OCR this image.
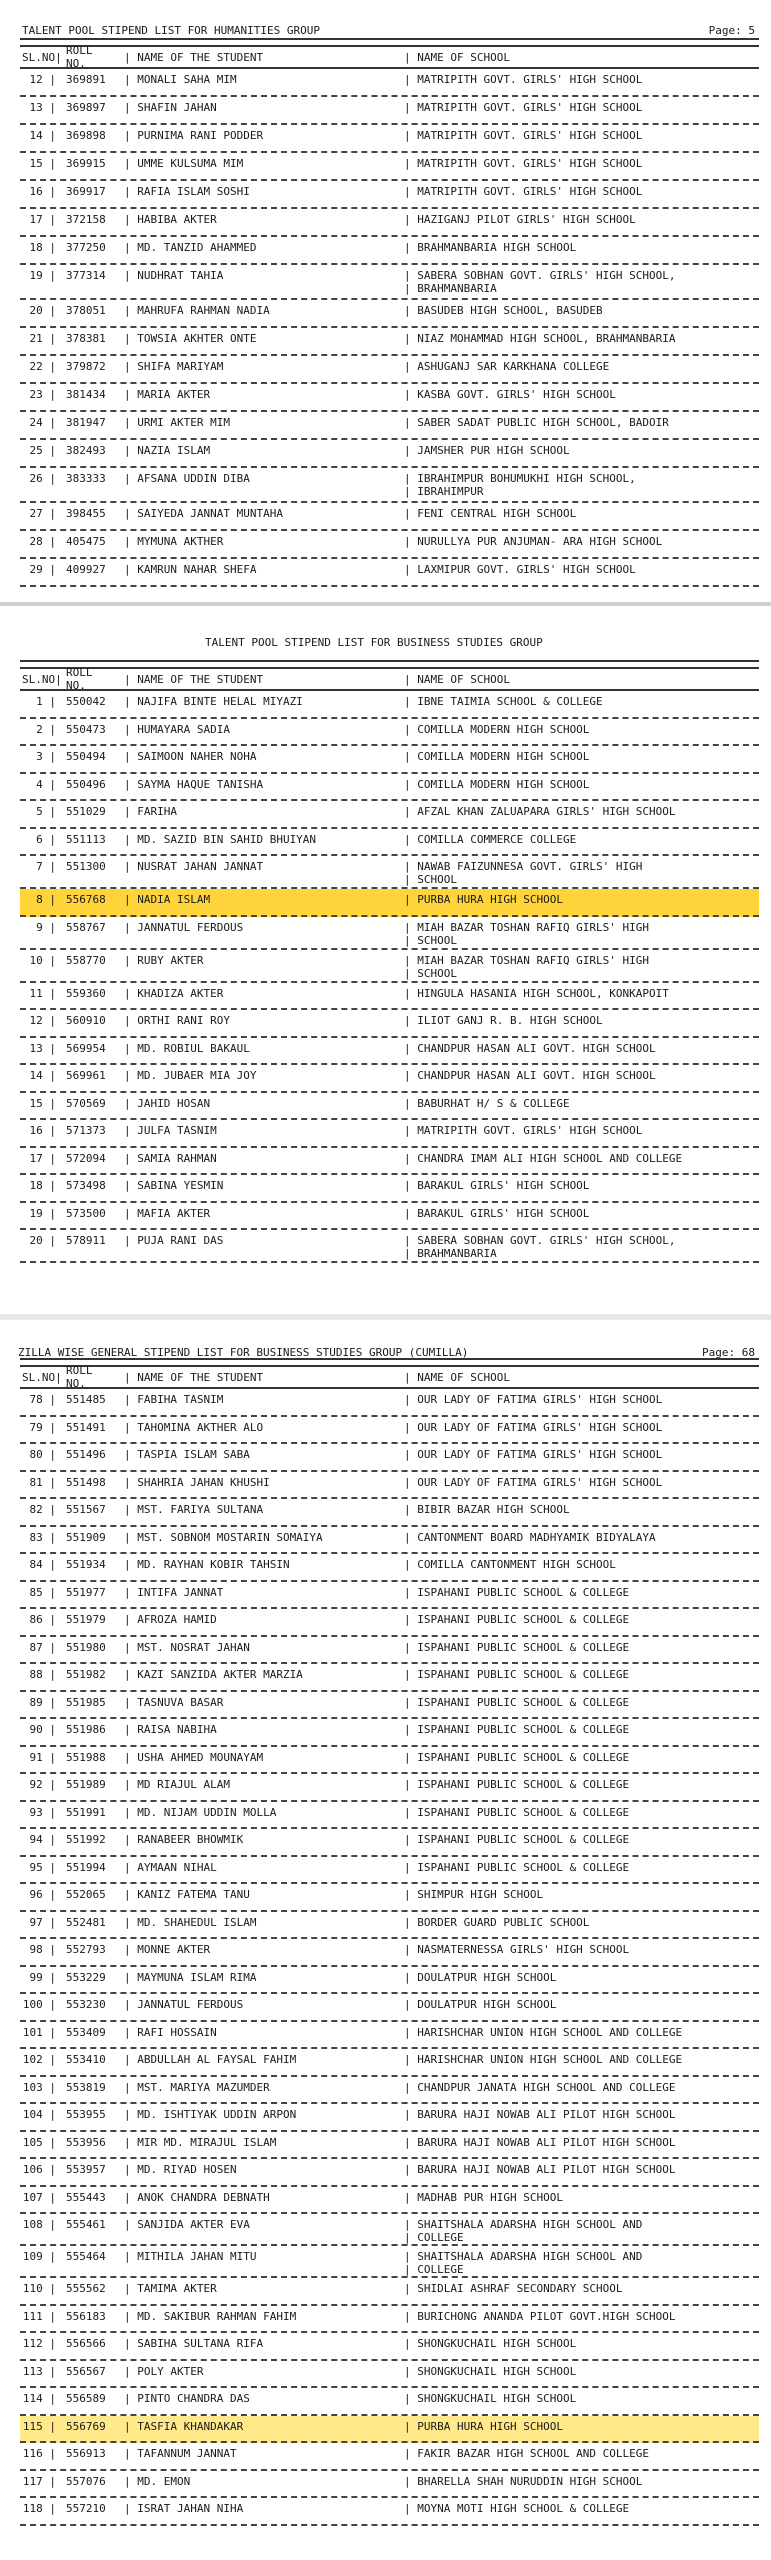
TALENT POOL STIPEND LIST FOR HUMANITIES GROUP	Page: 5
SL.NO| ROLL NO.	| NAME OF THE STUDENT	| NAME OF SCHOOL
12 | 369891	| MONALI SAHA MIM	| MATRIPITH GOVT. GIRLS' HIGH SCHOOL
13 | 369897	| SHAFIN JAHAN	| MATRIPITH GOVT. GIRLS' HIGH SCHOOL
14 | 369898	| PURNIMA RANI PODDER	| MATRIPITH GOVT. GIRLS' HIGH SCHOOL
15 | 369915	| UMME KULSUMA MIM	| MATRIPITH GOVT. GIRLS' HIGH SCHOOL
16 | 369917	| RAFIA ISLAM SOSHI	| MATRIPITH GOVT. GIRLS' HIGH SCHOOL
17 | 372158	| HABIBA AKTER	| HAZIGANJ PILOT GIRLS' HIGH SCHOOL
18 | 377250	| MD. TANZID AHAMMED	| BRAHMANBARIA HIGH SCHOOL
19 | 377314	| NUDHRAT TAHIA	| SABERA SOBHAN GOVT. GIRLS' HIGH SCHOOL,
| BRAHMANBARIA
20 | 378051	| MAHRUFA RAHMAN NADIA	| BASUDEB HIGH SCHOOL, BASUDEB
21 | 378381	| TOWSIA AKHTER ONTE	| NIAZ MOHAMMAD HIGH SCHOOL, BRAHMANBARIA
22 | 379872	| SHIFA MARIYAM	| ASHUGANJ SAR KARKHANA COLLEGE
23 | 381434	| MARIA AKTER	| KASBA GOVT. GIRLS' HIGH SCHOOL
24 | 381947	| URMI AKTER MIM	| SABER SADAT PUBLIC HIGH SCHOOL, BADOIR
25 | 382493	| NAZIA ISLAM	| JAMSHER PUR HIGH SCHOOL
26 | 383333	| AFSANA UDDIN DIBA	| IBRAHIMPUR BOHUMUKHI HIGH SCHOOL,
| IBRAHIMPUR
27 | 398455	| SAIYEDA JANNAT MUNTAHA	| FENI CENTRAL HIGH SCHOOL
28 | 405475	| MYMUNA AKTHER	| NURULLYA PUR ANJUMAN- ARA HIGH SCHOOL
29 | 409927	| KAMRUN NAHAR SHEFA	| LAXMIPUR GOVT. GIRLS' HIGH SCHOOL
TALENT POOL STIPEND LIST FOR BUSINESS STUDIES GROUP
SL.NO| ROLL NO.	| NAME OF THE STUDENT	| NAME OF SCHOOL
1 | 550042	| NAJIFA BINTE HELAL MIYAZI	| IBNE TAIMIA SCHOOL & COLLEGE
2 | 550473	| HUMAYARA SADIA	| COMILLA MODERN HIGH SCHOOL
3 | 550494	| SAIMOON NAHER NOHA	| COMILLA MODERN HIGH SCHOOL
4 | 550496	| SAYMA HAQUE TANISHA	| COMILLA MODERN HIGH SCHOOL
5 | 551029	| FARIHA	| AFZAL KHAN ZALUAPARA GIRLS' HIGH SCHOOL
6 | 551113	| MD. SAZID BIN SAHID BHUIYAN	| COMILLA COMMERCE COLLEGE
7 | 551300	| NUSRAT JAHAN JANNAT	| NAWAB FAIZUNNESA GOVT. GIRLS' HIGH
| SCHOOL
8 | 556768	| NADIA ISLAM	| PURBA HURA HIGH SCHOOL
9 | 558767	| JANNATUL FERDOUS	| MIAH BAZAR TOSHAN RAFIQ GIRLS' HIGH
| SCHOOL
10 | 558770	| RUBY AKTER	| MIAH BAZAR TOSHAN RAFIQ GIRLS' HIGH
| SCHOOL
11 | 559360	| KHADIZA AKTER	| HINGULA HASANIA HIGH SCHOOL, KONKAPOIT
12 | 560910	| ORTHI RANI ROY	| ILIOT GANJ R. B. HIGH SCHOOL
13 | 569954	| MD. ROBIUL BAKAUL	| CHANDPUR HASAN ALI GOVT. HIGH SCHOOL
14 | 569961	| MD. JUBAER MIA JOY	| CHANDPUR HASAN ALI GOVT. HIGH SCHOOL
15 | 570569	| JAHID HOSAN	| BABURHAT H/ S & COLLEGE
16 | 571373	| JULFA TASNIM	| MATRIPITH GOVT. GIRLS' HIGH SCHOOL
17 | 572094	| SAMIA RAHMAN	| CHANDRA IMAM ALI HIGH SCHOOL AND COLLEGE
18 | 573498	| SABINA YESMIN	| BARAKUL GIRLS' HIGH SCHOOL
19 | 573500	| MAFIA AKTER	| BARAKUL GIRLS' HIGH SCHOOL
20 | 578911	| PUJA RANI DAS	| SABERA SOBHAN GOVT. GIRLS' HIGH SCHOOL,
| BRAHMANBARIA
ZILLA WISE GENERAL STIPEND LIST FOR BUSINESS STUDIES GROUP (CUMILLA)	Page: 68
SL.NO| ROLL NO.	| NAME OF THE STUDENT	| NAME OF SCHOOL
78 | 551485	| FABIHA TASNIM	| OUR LADY OF FATIMA GIRLS' HIGH SCHOOL
79 | 551491	| TAHOMINA AKTHER ALO	| OUR LADY OF FATIMA GIRLS' HIGH SCHOOL
80 | 551496	| TASPIA ISLAM SABA	| OUR LADY OF FATIMA GIRLS' HIGH SCHOOL
81 | 551498	| SHAHRIA JAHAN KHUSHI	| OUR LADY OF FATIMA GIRLS' HIGH SCHOOL
82 | 551567	| MST. FARIYA SULTANA	| BIBIR BAZAR HIGH SCHOOL
83 | 551909	| MST. SOBNOM MOSTARIN SOMAIYA	| CANTONMENT BOARD MADHYAMIK BIDYALAYA
84 | 551934	| MD. RAYHAN KOBIR TAHSIN	| COMILLA CANTONMENT HIGH SCHOOL
85 | 551977	| INTIFA JANNAT	| ISPAHANI PUBLIC SCHOOL & COLLEGE
86 | 551979	| AFROZA HAMID	| ISPAHANI PUBLIC SCHOOL & COLLEGE
87 | 551980	| MST. NOSRAT JAHAN	| ISPAHANI PUBLIC SCHOOL & COLLEGE
88 | 551982	| KAZI SANZIDA AKTER MARZIA	| ISPAHANI PUBLIC SCHOOL & COLLEGE
89 | 551985	| TASNUVA BASAR	| ISPAHANI PUBLIC SCHOOL & COLLEGE
90 | 551986	| RAISA NABIHA	| ISPAHANI PUBLIC SCHOOL & COLLEGE
91 | 551988	| USHA AHMED MOUNAYAM	| ISPAHANI PUBLIC SCHOOL & COLLEGE
92 | 551989	| MD RIAJUL ALAM	| ISPAHANI PUBLIC SCHOOL & COLLEGE
93 | 551991	| MD. NIJAM UDDIN MOLLA	| ISPAHANI PUBLIC SCHOOL & COLLEGE
94 | 551992	| RANABEER BHOWMIK	| ISPAHANI PUBLIC SCHOOL & COLLEGE
95 | 551994	| AYMAAN NIHAL	| ISPAHANI PUBLIC SCHOOL & COLLEGE
96 | 552065	| KANIZ FATEMA TANU	| SHIMPUR HIGH SCHOOL
97 | 552481	| MD. SHAHEDUL ISLAM	| BORDER GUARD PUBLIC SCHOOL
98 | 552793	| MONNE AKTER	| NASMATERNESSA GIRLS' HIGH SCHOOL
99 | 553229	| MAYMUNA ISLAM RIMA	| DOULATPUR HIGH SCHOOL
100 | 553230	| JANNATUL FERDOUS	| DOULATPUR HIGH SCHOOL
101 | 553409	| RAFI HOSSAIN	| HARISHCHAR UNION HIGH SCHOOL AND COLLEGE
102 | 553410	| ABDULLAH AL FAYSAL FAHIM	| HARISHCHAR UNION HIGH SCHOOL AND COLLEGE
103 | 553819	| MST. MARIYA MAZUMDER	| CHANDPUR JANATA HIGH SCHOOL AND COLLEGE
104 | 553955	| MD. ISHTIYAK UDDIN ARPON	| BARURA HAJI NOWAB ALI PILOT HIGH SCHOOL
105 | 553956	| MIR MD. MIRAJUL ISLAM	| BARURA HAJI NOWAB ALI PILOT HIGH SCHOOL
106 | 553957	| MD. RIYAD HOSEN	| BARURA HAJI NOWAB ALI PILOT HIGH SCHOOL
107 | 555443	| ANOK CHANDRA DEBNATH	| MADHAB PUR HIGH SCHOOL
108 | 555461	| SANJIDA AKTER EVA	| SHAITSHALA ADARSHA HIGH SCHOOL AND
| COLLEGE
109 | 555464	| MITHILA JAHAN MITU	| SHAITSHALA ADARSHA HIGH SCHOOL AND
| COLLEGE
110 | 555562	| TAMIMA AKTER	| SHIDLAI ASHRAF SECONDARY SCHOOL
111 | 556183	| MD. SAKIBUR RAHMAN FAHIM	| BURICHONG ANANDA PILOT GOVT.HIGH SCHOOL
112 | 556566	| SABIHA SULTANA RIFA	| SHONGKUCHAIL HIGH SCHOOL
113 | 556567	| POLY AKTER	| SHONGKUCHAIL HIGH SCHOOL
114 | 556589	| PINTO CHANDRA DAS	| SHONGKUCHAIL HIGH SCHOOL
115 | 556769	| TASFIA KHANDAKAR	| PURBA HURA HIGH SCHOOL
116 | 556913	| TAFANNUM JANNAT	| FAKIR BAZAR HIGH SCHOOL AND COLLEGE
117 | 557076	| MD. EMON	| BHARELLA SHAH NURUDDIN HIGH SCHOOL
118 | 557210	| ISRAT JAHAN NIHA	| MOYNA MOTI HIGH SCHOOL & COLLEGE
